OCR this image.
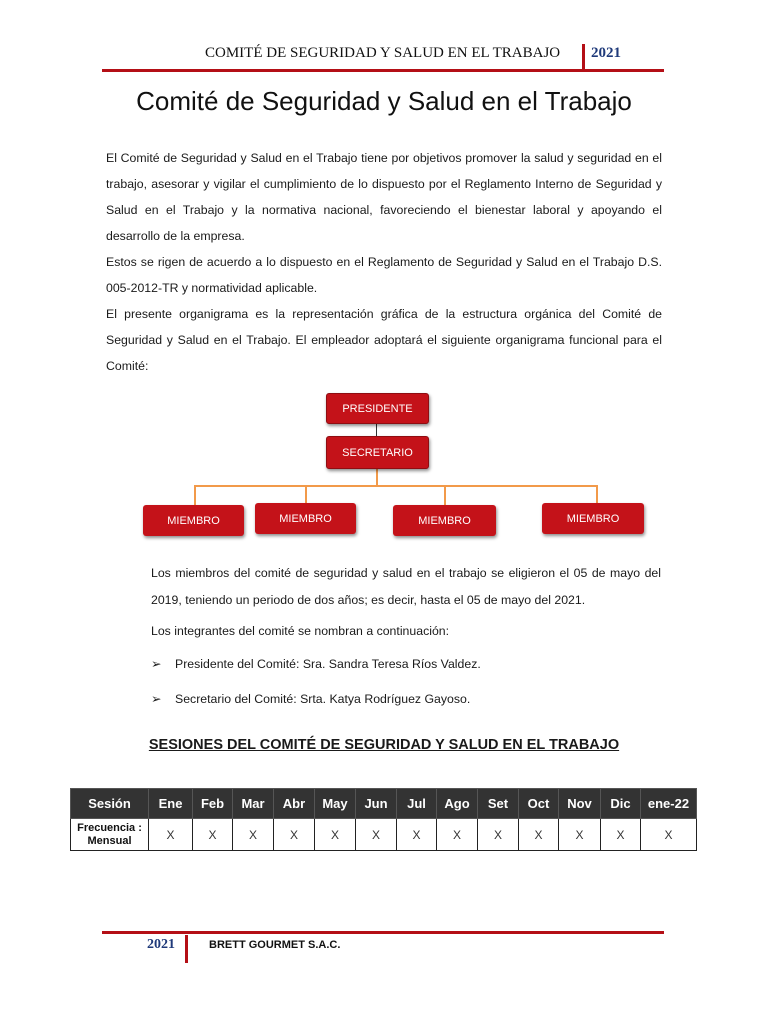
COMITÉ DE SEGURIDAD Y SALUD EN EL TRABAJO 2021
Comité de Seguridad y Salud en el Trabajo
El Comité de Seguridad y Salud en el Trabajo tiene por objetivos promover la salud y seguridad en el trabajo, asesorar y vigilar el cumplimiento de lo dispuesto por el Reglamento Interno de Seguridad y Salud en el Trabajo y la normativa nacional, favoreciendo el bienestar laboral y apoyando el desarrollo de la empresa.
Estos se rigen de acuerdo a lo dispuesto en el Reglamento de Seguridad y Salud en el Trabajo D.S. 005-2012-TR y normatividad aplicable.
El presente organigrama es la representación gráfica de la estructura orgánica del Comité de Seguridad y Salud en el Trabajo. El empleador adoptará el siguiente organigrama funcional para el Comité:
PRESIDENTE
SECRETARIO
MIEMBRO	MIEMBRO	MIEMBRO	MIEMBRO
Los miembros del comité de seguridad y salud en el trabajo se eligieron el 05 de mayo del 2019, teniendo un periodo de dos años; es decir, hasta el 05 de mayo del 2021.
Los integrantes del comité se nombran a continuación:
➢ Presidente del Comité: Sra. Sandra Teresa Ríos Valdez.
➢ Secretario del Comité: Srta. Katya Rodríguez Gayoso.
SESIONES DEL COMITÉ DE SEGURIDAD Y SALUD EN EL TRABAJO
Sesión	Ene	Feb	Mar	Abr	May	Jun	Jul	Ago	Set	Oct	Nov	Dic	ene-22
Frecuencia :
Mensual	X	X	X	X	X	X	X	X	X	X	X	X	X
2021	BRETT GOURMET S.A.C.
